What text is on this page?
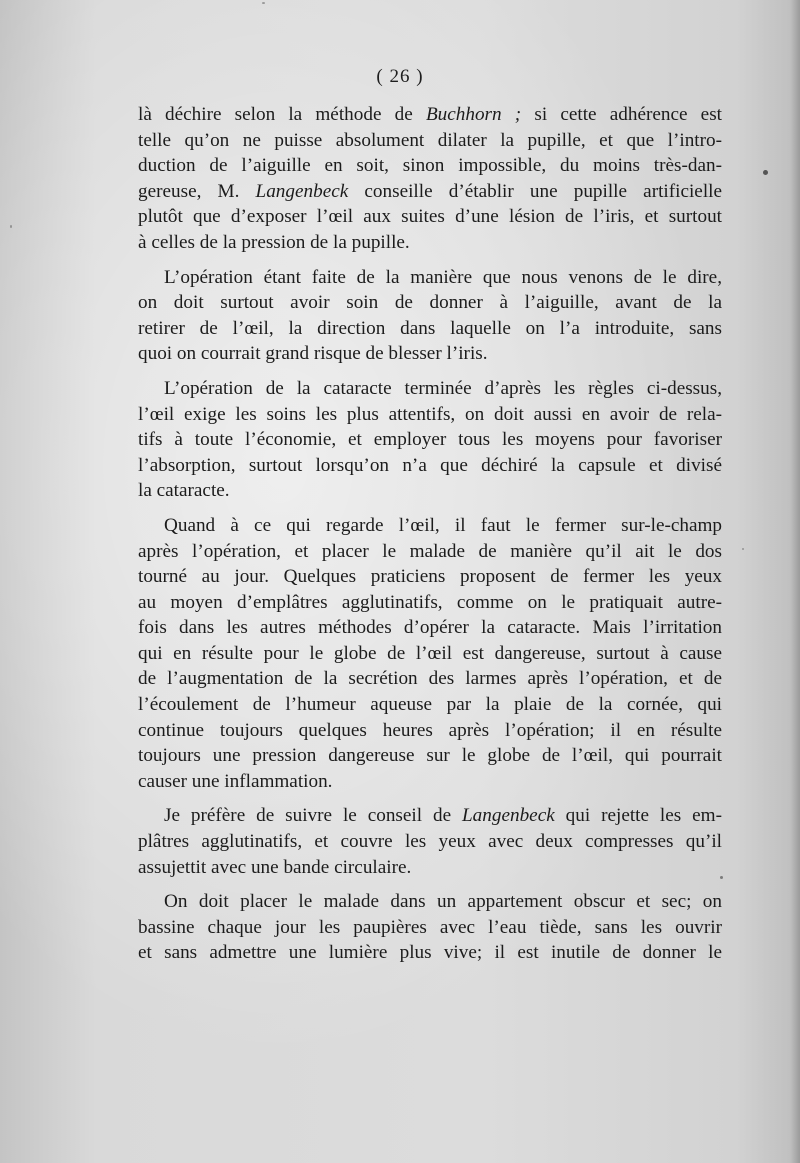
( 26 )
là déchire selon la méthode de Buchhorn ; si cette adhérence est
telle qu’on ne puisse absolument dilater la pupille, et que l’intro-
duction de l’aiguille en soit, sinon impossible, du moins très-dan-
gereuse, M. Langenbeck conseille d’établir une pupille artificielle
plutôt que d’exposer l’œil aux suites d’une lésion de l’iris, et surtout
à celles de la pression de la pupille.
L’opération étant faite de la manière que nous venons de le dire,
on doit surtout avoir soin de donner à l’aiguille, avant de la
retirer de l’œil, la direction dans laquelle on l’a introduite, sans
quoi on courrait grand risque de blesser l’iris.
L’opération de la cataracte terminée d’après les règles ci-dessus,
l’œil exige les soins les plus attentifs, on doit aussi en avoir de rela-
tifs à toute l’économie, et employer tous les moyens pour favoriser
l’absorption, surtout lorsqu’on n’a que déchiré la capsule et divisé
la cataracte.
Quand à ce qui regarde l’œil, il faut le fermer sur-le-champ
après l’opération, et placer le malade de manière qu’il ait le dos
tourné au jour. Quelques praticiens proposent de fermer les yeux
au moyen d’emplâtres agglutinatifs, comme on le pratiquait autre-
fois dans les autres méthodes d’opérer la cataracte. Mais l’irritation
qui en résulte pour le globe de l’œil est dangereuse, surtout à cause
de l’augmentation de la secrétion des larmes après l’opération, et de
l’écoulement de l’humeur aqueuse par la plaie de la cornée, qui
continue toujours quelques heures après l’opération; il en résulte
toujours une pression dangereuse sur le globe de l’œil, qui pourrait
causer une inflammation.
Je préfère de suivre le conseil de Langenbeck qui rejette les em-
plâtres agglutinatifs, et couvre les yeux avec deux compresses qu’il
assujettit avec une bande circulaire.
On doit placer le malade dans un appartement obscur et sec; on
bassine chaque jour les paupières avec l’eau tiède, sans les ouvrir
et sans admettre une lumière plus vive; il est inutile de donner le
